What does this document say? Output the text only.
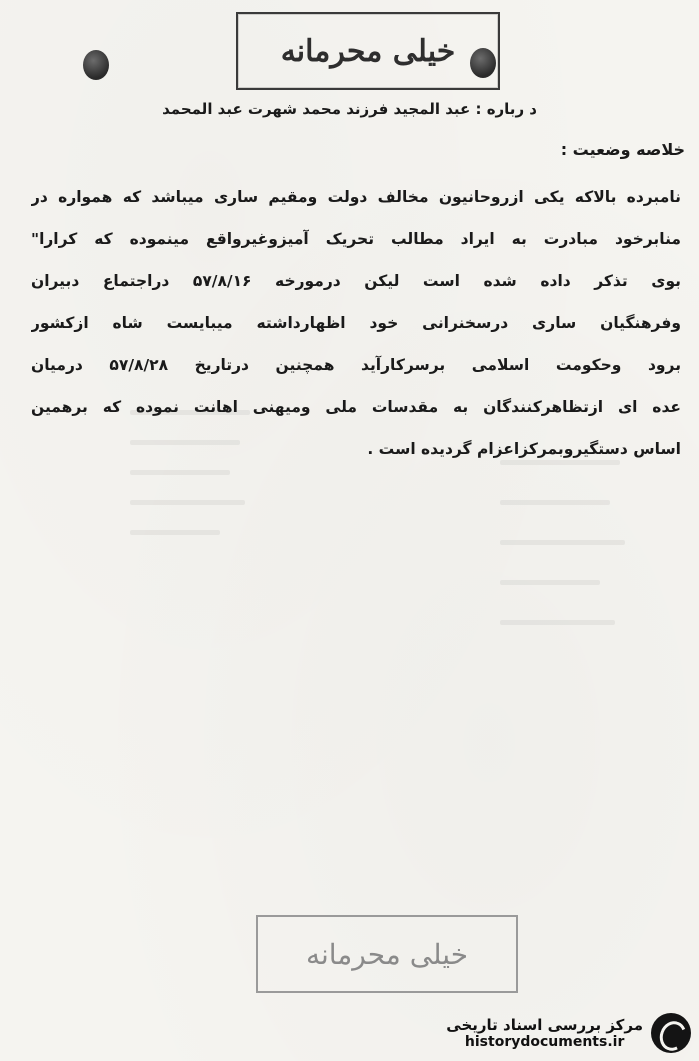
خیلی محرمانه
د رباره : عبد المجید فرزند محمد شهرت عبد المحمد
خلاصه وضعیت :
نامبرده بالاکه یکی ازروحانیون مخالف دولت ومقیم ساری میباشد که همواره در
منابرخود مبادرت به ایراد مطالب تحریک آمیزوغیرواقع مینموده که کرارا"
بوی تذکر داده شده است لیکن درمورخه ۵۷/۸/۱۶ دراجتماع دبیران
وفرهنگیان ساری درسخنرانی خود اظهارداشته میبایست شاه ازکشور
برود وحکومت اسلامی برسرکارآید همچنین درتاریخ ۵۷/۸/۲۸ درمیان
عده ای ازتظاهرکنندگان به مقدسات ملی ومیهنی اهانت نموده که برهمین
اساس دستگیروبمرکزاعزام گردیده است .
خیلی محرمانه
مرکز بررسی اسناد تاریخی
historydocuments.ir
